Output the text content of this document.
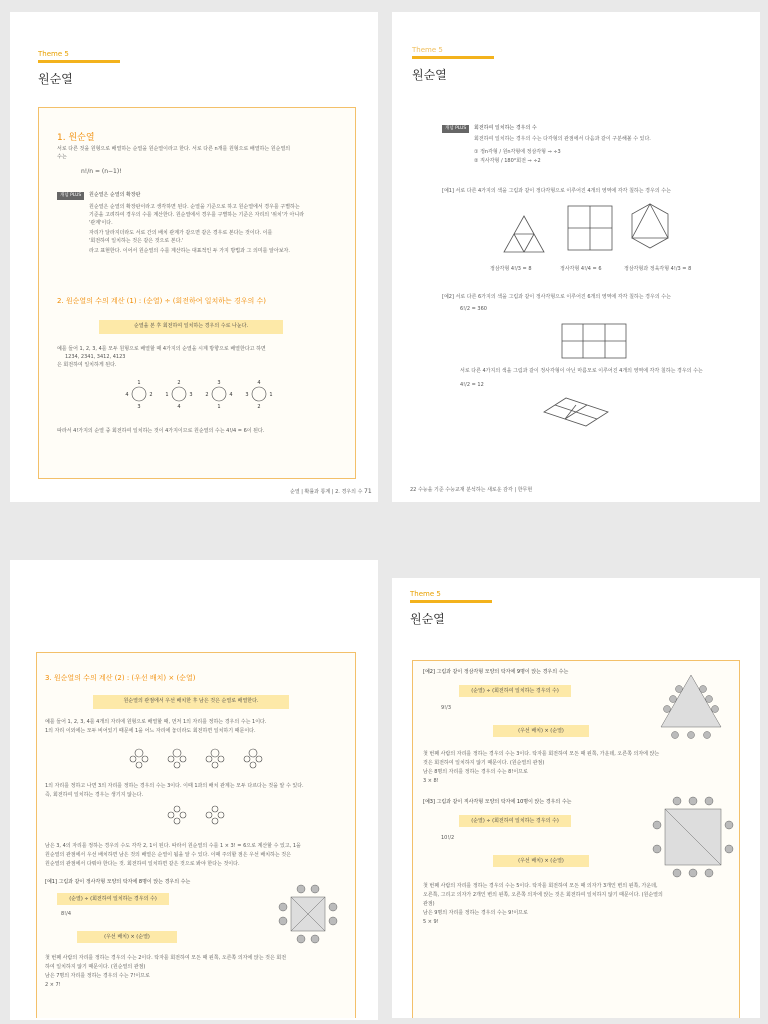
Theme 5
원순열
1. 원순열
서로 다른 것을 원형으로 배열하는 순열을 원순열이라고 한다. 서로 다른 n개를 원형으로 배열하는 원순열의
수는
n!/n = (n−1)!
개념 PLUS	원순열은 순열의 확장판
원순열은 순열의 확장판이라고 생각하면 된다. 순열을 기준으로 하고 원순열에서 경우를 구별하는
기준을 고려하여 경우의 수를 계산한다. 원순열에서 경우를 구별하는 기준은 자리의 '위치'가 아니라
'관계'이다.
자리가 달라지더라도 서로 간의 배치 관계가 같으면 같은 경우로 본다는 것이다. 이를
'회전하여 일치하는 것은 같은 것으로 본다.'
라고 표현한다. 이어서 원순열의 수를 계산하는 대표적인 두 가지 방법과 그 의미를 알아보자.
2. 원순열의 수의 계산 (1) : (순열) ÷ (회전하여 일치하는 경우의 수)
순열을 본 후 회전하여 일치하는 경우의 수로 나눈다.
예를 들어 1, 2, 3, 4를 모두 원형으로 배열할 때 4가지의 순열을 시계 방향으로 배열한다고 하면
1234, 2341, 3412, 4123
은 회전하여 일치하게 된다.
1
2
3
4
2
3
4
1
3
4
1
2
4
1
2
3
따라서 4!가지의 순열 중 회전하여 일치하는 것이 4가지이므로 원순열의 수는 4!/4 = 6이 된다.
순열 | 확률과 통계 | 2. 경우의 수 71
Theme 5
원순열
개념 PLUS	회전하여 일치하는 경우의 수
회전하여 일치하는 경우의 수는 다각형의 관점에서 다음과 같이 구분해볼 수 있다.
① 정n각형 / 원n각형에 정삼각형 ⇒ ÷3
② 직사각형 / 180°회전 ⇒ ÷2
[예1] 서로 다른 4가지의 색을 그림과 같이 정다각형으로 이루어진 4개의 영역에 각각 칠하는 경우의 수는
정삼각형 4!/3 = 8	정사각형 4!/4 = 6	정삼각형과 정육각형 4!/3 = 8
[예2] 서로 다른 6가지의 색을 그림과 같이 정사각형으로 이루어진 6개의 영역에 각각 칠하는 경우의 수는
6!/2 = 360
서로 다른 4가지의 색을 그림과 같이 정사각형이 아닌 마름모로 이루어진 4개의 영역에 각각 칠하는 경우의 수는
4!/2 = 12
22 수능을 기준 수능교재 분석하는 새로운 감각 | 한무현
3. 원순열의 수의 계산 (2) : (우선 배치) × (순열)
원순열의 관점에서 우선 배치한 후 남은 것은 순열로 배열한다.
예를 들어 1, 2, 3, 4를 4개의 자리에 원형으로 배열할 때, 먼저 1의 자리를 정하는 경우의 수는 1이다.
1의 자리 이외에는 모두 비어있기 때문에 1을 어느 자리에 놓더라도 회전하면 일치하기 때문이다.
1의 자리를 정하고 나면 3의 자리를 정하는 경우의 수는 3이다. 이때 1과의 배치 관계는 모두 다르다는 것을 알 수 있다.
즉, 회전하여 일치하는 경우는 생기지 않는다.
남은 3, 4의 자리를 정하는 경우의 수도 각각 2, 1이 된다. 따라서 원순열의 수를 1 × 3! = 6으로 계산할 수 있고, 1을
원순열의 관점에서 우선 배치하면 남은 것의 배열은 순열이 됨을 알 수 있다. 이때 주의할 점은 우선 배치하는 것은
원순열의 관점에서 다뤄야 한다는 것. 회전하여 일치하면 같은 것으로 봐야 한다는 것이다.
[예1] 그림과 같이 정사각형 모양의 탁자에 8명이 앉는 경우의 수는
(순열) ÷ (회전하여 일치하는 경우의 수)
8!/4
(우선 배치) × (순열)
첫 번째 사람의 자리를 정하는 경우의 수는 2이다. 탁자를 회전하여 모든 때 왼쪽, 오른쪽 의자에 앉는 것은 회전
하여 일치하지 않기 때문이다. (원순열의 관점)
남은 7명의 자리를 정하는 경우의 수는 7!이므로
2 × 7!
Theme 5
원순열
[예2] 그림과 같이 정삼각형 모양의 탁자에 9명이 앉는 경우의 수는
(순열) ÷ (회전하여 일치하는 경우의 수)
9!/3
(우선 배치) × (순열)
첫 번째 사람의 자리를 정하는 경우의 수는 3이다. 탁자를 회전하여 모든 때 왼쪽, 가운데, 오른쪽 의자에 앉는
것은 회전하여 일치하지 않기 때문이다. (원순열의 관점)
남은 8명의 자리를 정하는 경우의 수는 8!이므로
3 × 8!
[예3] 그림과 같이 직사각형 모양의 탁자에 10명이 앉는 경우의 수는
(순열) ÷ (회전하여 일치하는 경우의 수)
10!/2
(우선 배치) × (순열)
첫 번째 사람의 자리를 정하는 경우의 수는 5이다. 탁자를 회전하여 모든 때 의자가 3개인 변의 왼쪽, 가운데,
오른쪽, 그리고 의자가 2개인 변의 왼쪽, 오른쪽 의자에 앉는 것은 회전하여 일치하지 않기 때문이다. (원순열의
관점)
남은 9명의 자리를 정하는 경우의 수는 9!이므로
5 × 9!
